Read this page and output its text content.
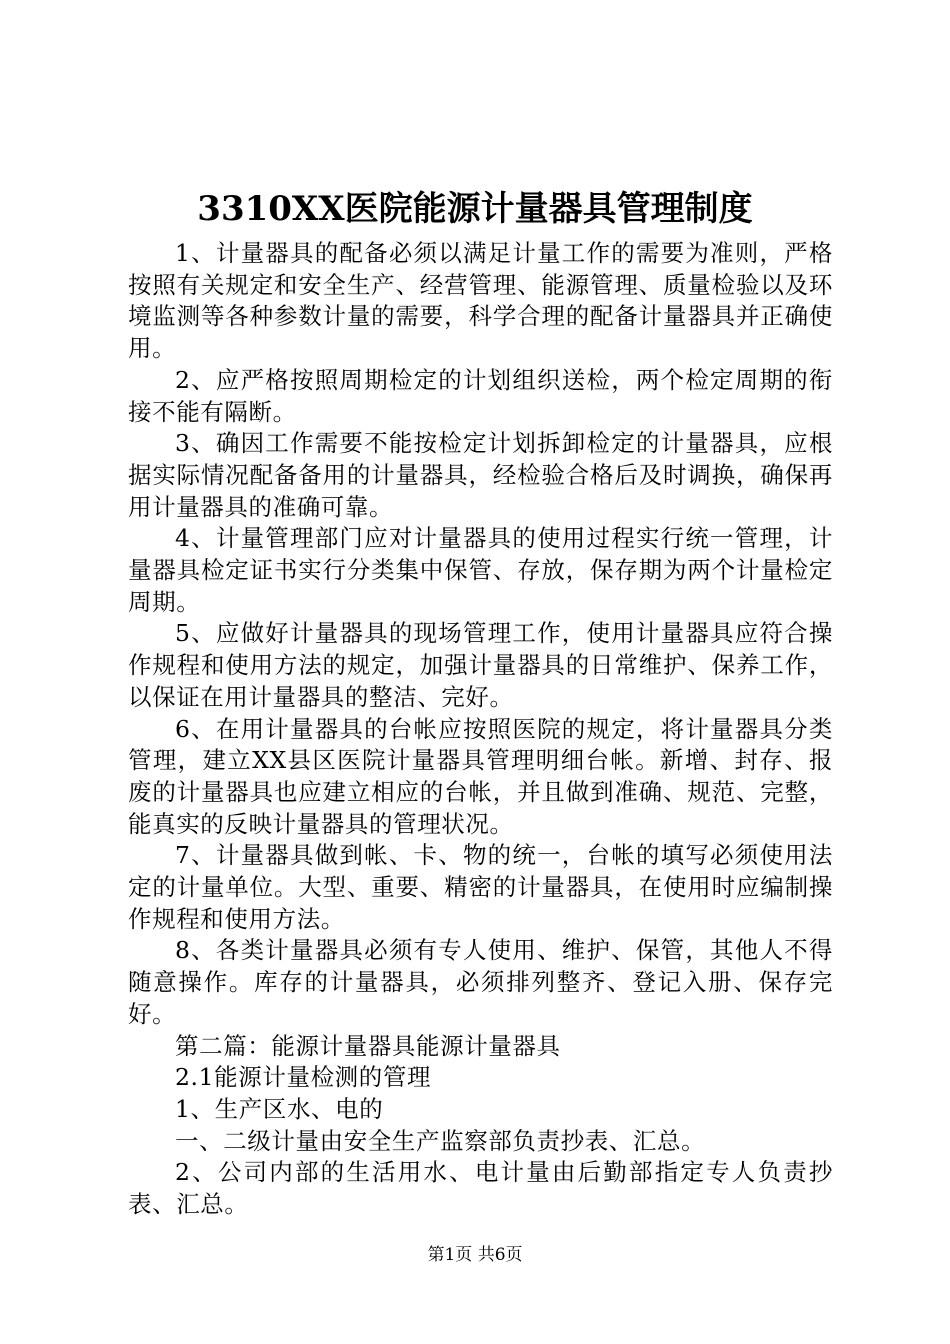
3310XX医院能源计量器具管理制度

1、计量器具的配备必须以满足计量工作的需要为准则，严格按照有关规定和安全生产、经营管理、能源管理、质量检验以及环境监测等各种参数计量的需要，科学合理的配备计量器具并正确使用。

2、应严格按照周期检定的计划组织送检，两个检定周期的衔接不能有隔断。

3、确因工作需要不能按检定计划拆卸检定的计量器具，应根据实际情况配备备用的计量器具，经检验合格后及时调换，确保再用计量器具的准确可靠。

4、计量管理部门应对计量器具的使用过程实行统一管理，计量器具检定证书实行分类集中保管、存放，保存期为两个计量检定周期。

5、应做好计量器具的现场管理工作，使用计量器具应符合操作规程和使用方法的规定，加强计量器具的日常维护、保养工作，以保证在用计量器具的整洁、完好。

6、在用计量器具的台帐应按照医院的规定，将计量器具分类管理，建立XX县区医院计量器具管理明细台帐。新增、封存、报废的计量器具也应建立相应的台帐，并且做到准确、规范、完整，能真实的反映计量器具的管理状况。

7、计量器具做到帐、卡、物的统一，台帐的填写必须使用法定的计量单位。大型、重要、精密的计量器具，在使用时应编制操作规程和使用方法。

8、各类计量器具必须有专人使用、维护、保管，其他人不得随意操作。库存的计量器具，必须排列整齐、登记入册、保存完好。

第二篇：能源计量器具能源计量器具

2.1能源计量检测的管理

1、生产区水、电的

一、二级计量由安全生产监察部负责抄表、汇总。

2、公司内部的生活用水、电计量由后勤部指定专人负责抄表、汇总。

第1页 共6页
